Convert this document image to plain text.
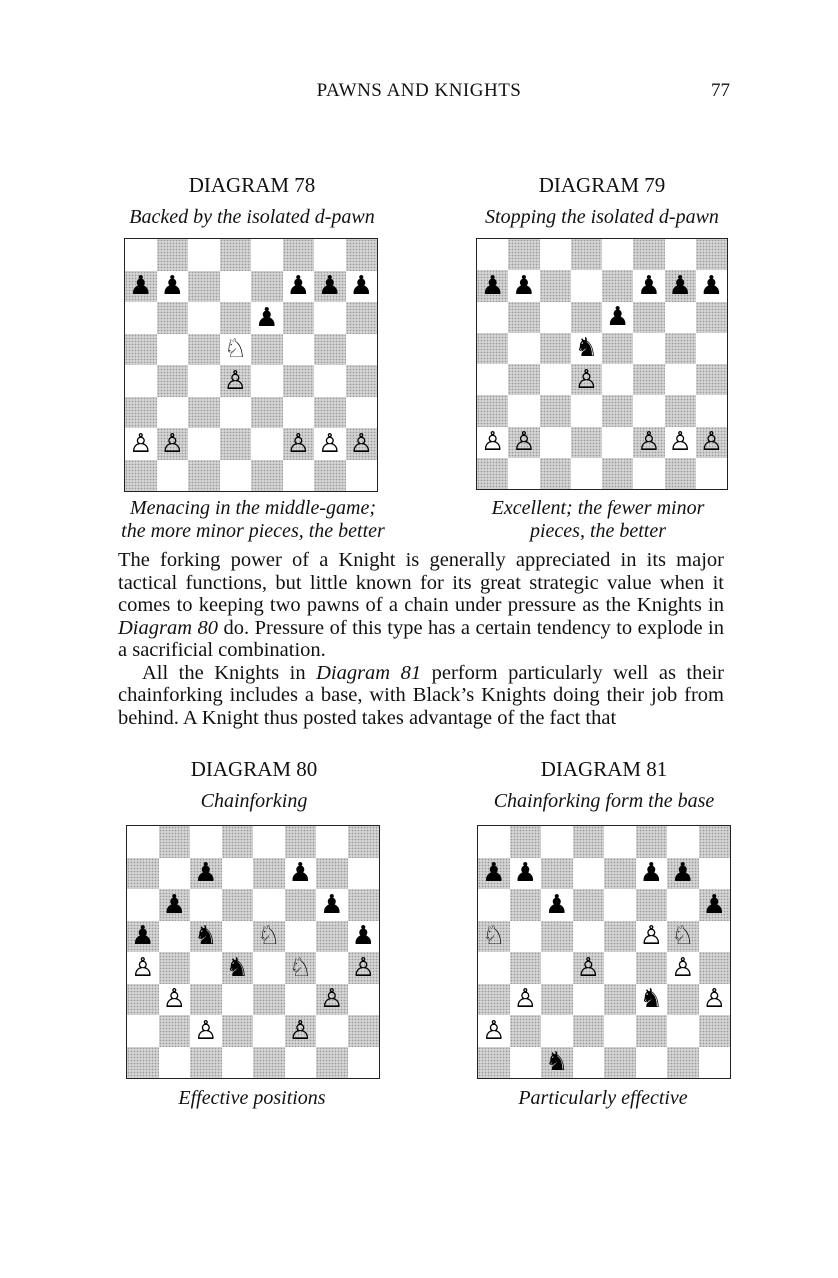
PAWNS AND KNIGHTS	77
DIAGRAM 78
Backed by the isolated d-pawn
♟ ♟	♟ ♟ ♟
♟
♘
♙
♙ ♙	♙ ♙ ♙
Menacing in the middle-game;
the more minor pieces, the better
DIAGRAM 79
Stopping the isolated d-pawn
♟ ♟	♟ ♟ ♟
♟
♞
♙
♙ ♙	♙ ♙ ♙
Excellent; the fewer minor
pieces, the better

The forking power of a Knight is generally appreciated in its major tactical functions, but little known for its great strategic value when it comes to keeping two pawns of a chain under pressure as the Knights in Diagram 80 do. Pressure of this type has a certain tendency to explode in a sacrificial combination.

All the Knights in Diagram 81 perform particularly well as their chainforking includes a base, with Black’s Knights doing their job from behind. A Knight thus posted takes advantage of the fact that

DIAGRAM 80
Chainforking
♟	♟
♟	♟
♟ ♞ ♘	♟
♙	♞ ♘ ♙
♙	♙
♙	♙
Effective positions
DIAGRAM 81
Chainforking form the base
♟ ♟	♟ ♟
♟	♟
♘	♙ ♘
♙	♙
♙	♞ ♙
♙
♞
Particularly effective
